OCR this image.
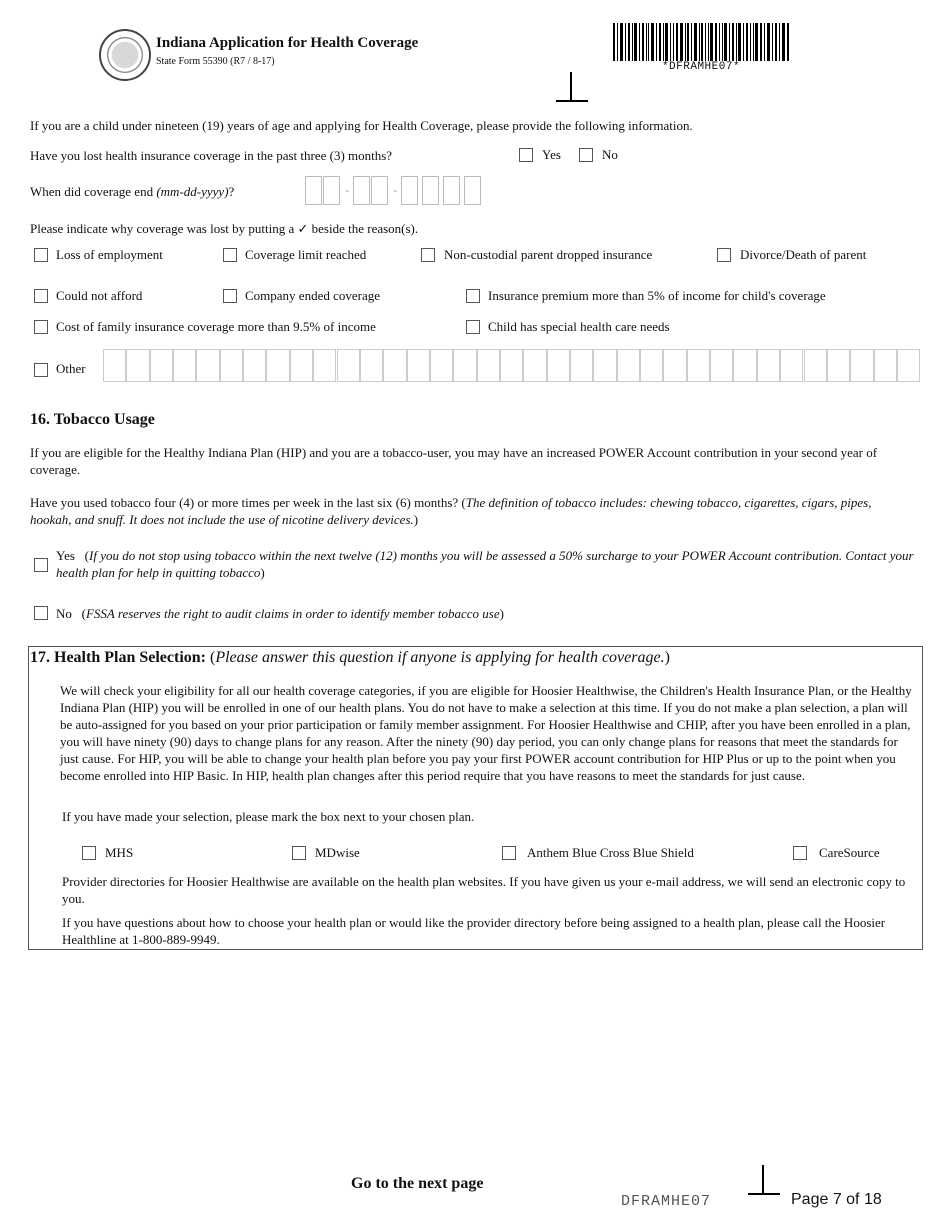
Indiana Application for Health Coverage
State Form 55390 (R7 / 8-17)	*DFRAMHE07*
If you are a child under nineteen (19) years of age and applying for Health Coverage, please provide the following information.
Have you lost health insurance coverage in the past three (3) months?	Yes	No
When did coverage end (mm-dd-yyyy)?	-	-
Please indicate why coverage was lost by putting a ✓ beside the reason(s).
Loss of employment	Coverage limit reached	Non-custodial parent dropped insurance	Divorce/Death of parent
Could not afford	Company ended coverage	Insurance premium more than 5% of income for child's coverage
Cost of family insurance coverage more than 9.5% of income	Child has special health care needs
Other
16. Tobacco Usage
If you are eligible for the Healthy Indiana Plan (HIP) and you are a tobacco-user, you may have an increased POWER Account contribution in your second year of coverage.
Have you used tobacco four (4) or more times per week in the last six (6) months? (The definition of tobacco includes: chewing tobacco, cigarettes, cigars, pipes, hookah, and snuff. It does not include the use of nicotine delivery devices.)
Yes (If you do not stop using tobacco within the next twelve (12) months you will be assessed a 50% surcharge to your POWER Account contribution. Contact your health plan for help in quitting tobacco)
No (FSSA reserves the right to audit claims in order to identify member tobacco use)
17. Health Plan Selection: (Please answer this question if anyone is applying for health coverage.)
We will check your eligibility for all our health coverage categories, if you are eligible for Hoosier Healthwise, the Children's Health Insurance Plan, or the Healthy Indiana Plan (HIP) you will be enrolled in one of our health plans. You do not have to make a selection at this time. If you do not make a plan selection, a plan will be auto-assigned for you based on your prior participation or family member assignment. For Hoosier Healthwise and CHIP, after you have been enrolled in a plan, you will have ninety (90) days to change plans for any reason. After the ninety (90) day period, you can only change plans for reasons that meet the standards for just cause. For HIP, you will be able to change your health plan before you pay your first POWER account contribution for HIP Plus or up to the point when you become enrolled into HIP Basic. In HIP, health plan changes after this period require that you have reasons to meet the standards for just cause.
If you have made your selection, please mark the box next to your chosen plan.
MHS	MDwise	Anthem Blue Cross Blue Shield	CareSource
Provider directories for Hoosier Healthwise are available on the health plan websites. If you have given us your e-mail address, we will send an electronic copy to you.
If you have questions about how to choose your health plan or would like the provider directory before being assigned to a health plan, please call the Hoosier Healthline at 1-800-889-9949.
Go to the next page
DFRAMHE07	Page 7 of 18
